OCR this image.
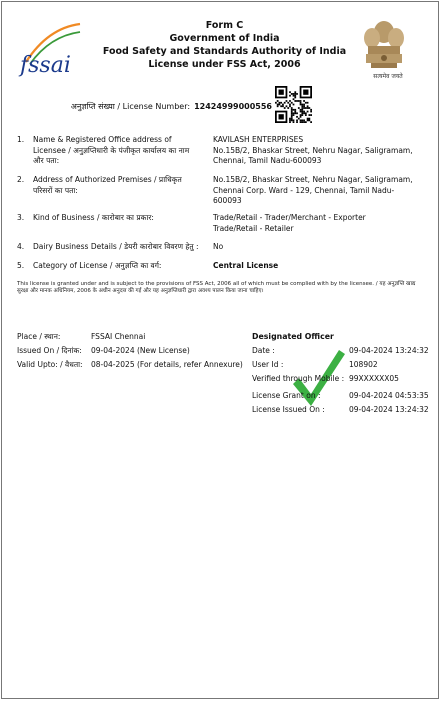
fssai
Form C
Government of India
Food Safety and Standards Authority of India
License under FSS Act, 2006
सत्यमेव जयते
अनुज्ञप्ति संख्या / License Number: 12424999000556
1.	Name & Registered Office address of Licensee / अनुज्ञप्तिधारी के पंजीकृत कार्यालय का नाम और पता:
KAVILASH ENTERPRISES
No.15B/2, Bhaskar Street, Nehru Nagar, Saligramam, Chennai, Tamil Nadu-600093
2.	Address of Authorized Premises / प्राधिकृत परिसरों का पता:
No.15B/2, Bhaskar Street, Nehru Nagar, Saligramam, Chennai Corp. Ward - 129, Chennai, Tamil Nadu-600093
3.	Kind of Business / कारोबार का प्रकार:	Trade/Retail - Trader/Merchant - Exporter
Trade/Retail - Retailer
4.	Dairy Business Details / डेयरी कारोबार विवरण हेतु :	No
5.	Category of License / अनुज्ञप्ति का वर्ग:	Central License
This license is granted under and is subject to the provisions of FSS Act, 2006 all of which must be complied with by the licensee. / यह अनुज्ञप्ति खाद्य सुरक्षा और मानक अधिनियम, 2006 के अधीन अनुदत्त की गई और यह अनुज्ञप्तिधारी द्वारा अवश्य पालन किया जाना चाहिए।
Place / स्थान:	FSSAI Chennai
Issued On / दिनांक:	09-04-2024 (New License)
Valid Upto: / वैधता:	08-04-2025 (For details, refer Annexure)
Designated Officer
Date :	09-04-2024 13:24:32
User Id :	108902
Verified through Mobile : 99XXXXXX05
License Grant on :	09-04-2024 04:53:35
License Issued On :	09-04-2024 13:24:32
